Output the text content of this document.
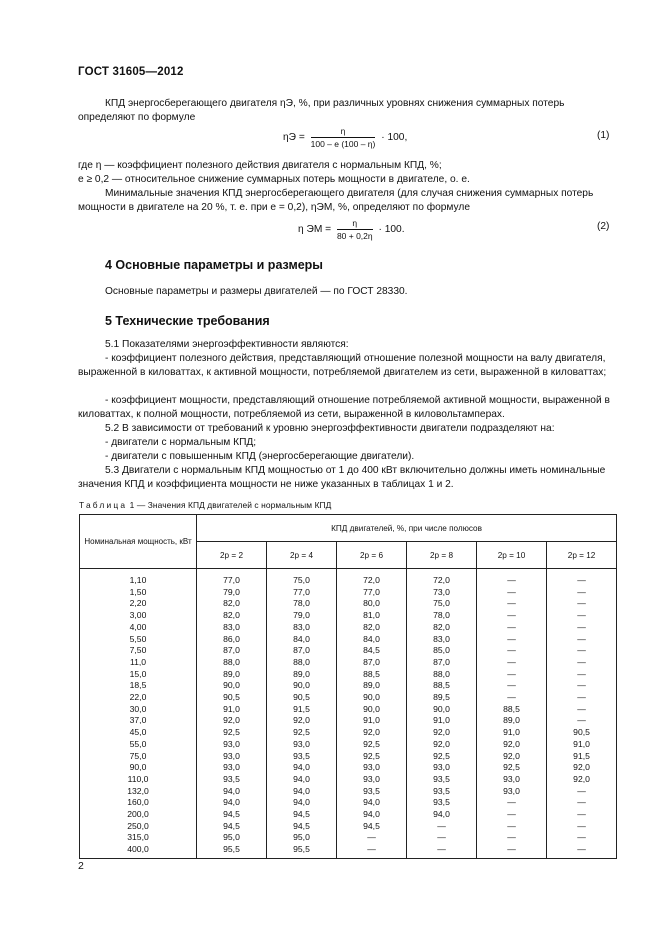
ГОСТ 31605—2012
КПД энергосберегающего двигателя ηЭ, %, при различных уровнях снижения суммарных потерь определяют по формуле
$\eta Э = \frac{\eta}{100 - e (100 - \eta)} \cdot 100$,	(1)
где η — коэффициент полезного действия двигателя с нормальным КПД, %;
e ≥ 0,2 — относительное снижение суммарных потерь мощности в двигателе, о. е.
Минимальные значения КПД энергосберегающего двигателя (для случая снижения суммарных потерь мощности в двигателе на 20 %, т. е. при e = 0,2), ηЭМ, %, определяют по формуле
η ЭМ = $\frac{\eta}{80 + 0,2\eta} \cdot 100$.	(2)
4 Основные параметры и размеры
Основные параметры и размеры двигателей — по ГОСТ 28330.
5 Технические требования
5.1 Показателями энергоэффективности являются:
- коэффициент полезного действия, представляющий отношение полезной мощности на валу двигателя, выраженной в киловаттах, к активной мощности, потребляемой двигателем из сети, выраженной в киловаттах;
- коэффициент мощности, представляющий отношение потребляемой активной мощности, выраженной в киловаттах, к полной мощности, потребляемой из сети, выраженной в киловольтамперах.
5.2 В зависимости от требований к уровню энергоэффективности двигатели подразделяют на:
- двигатели с нормальным КПД;
- двигатели с повышенным КПД (энергосберегающие двигатели).
5.3 Двигатели с нормальным КПД мощностью от 1 до 400 кВт включительно должны иметь номинальные значения КПД и коэффициента мощности не ниже указанных в таблицах 1 и 2.
Таблица 1 — Значения КПД двигателей с нормальным КПД
Номинальная мощность, кВт	КПД двигателей, %, при числе полюсов					
	2p = 2	2p = 4	2p = 6	2p = 8	2p = 10	2p = 12
1,10	77,0	75,0	72,0	72,0	—	—
1,50	79,0	77,0	77,0	73,0	—	—
2,20	82,0	78,0	80,0	75,0	—	—
3,00	82,0	79,0	81,0	78,0	—	—
4,00	83,0	83,0	82,0	82,0	—	—
5,50	86,0	84,0	84,0	83,0	—	—
7,50	87,0	87,0	84,5	85,0	—	—
11,0	88,0	88,0	87,0	87,0	—	—
15,0	89,0	89,0	88,5	88,0	—	—
18,5	90,0	90,0	89,0	88,5	—	—
22,0	90,5	90,5	90,0	89,5	—	—
30,0	91,0	91,5	90,0	90,0	88,5	—
37,0	92,0	92,0	91,0	91,0	89,0	—
45,0	92,5	92,5	92,0	92,0	91,0	90,5
55,0	93,0	93,0	92,5	92,0	92,0	91,0
75,0	93,0	93,5	92,5	92,5	92,0	91,5
90,0	93,0	94,0	93,0	93,0	92,5	92,0
110,0	93,5	94,0	93,0	93,5	93,0	92,0
132,0	94,0	94,0	93,5	93,5	93,0	—
160,0	94,0	94,0	94,0	93,5	—	—
200,0	94,5	94,5	94,0	94,0	—	—
250,0	94,5	94,5	94,5	—	—	—
315,0	95,0	95,0	—	—	—	—
400,0	95,5	95,5	—	—	—	—
2
